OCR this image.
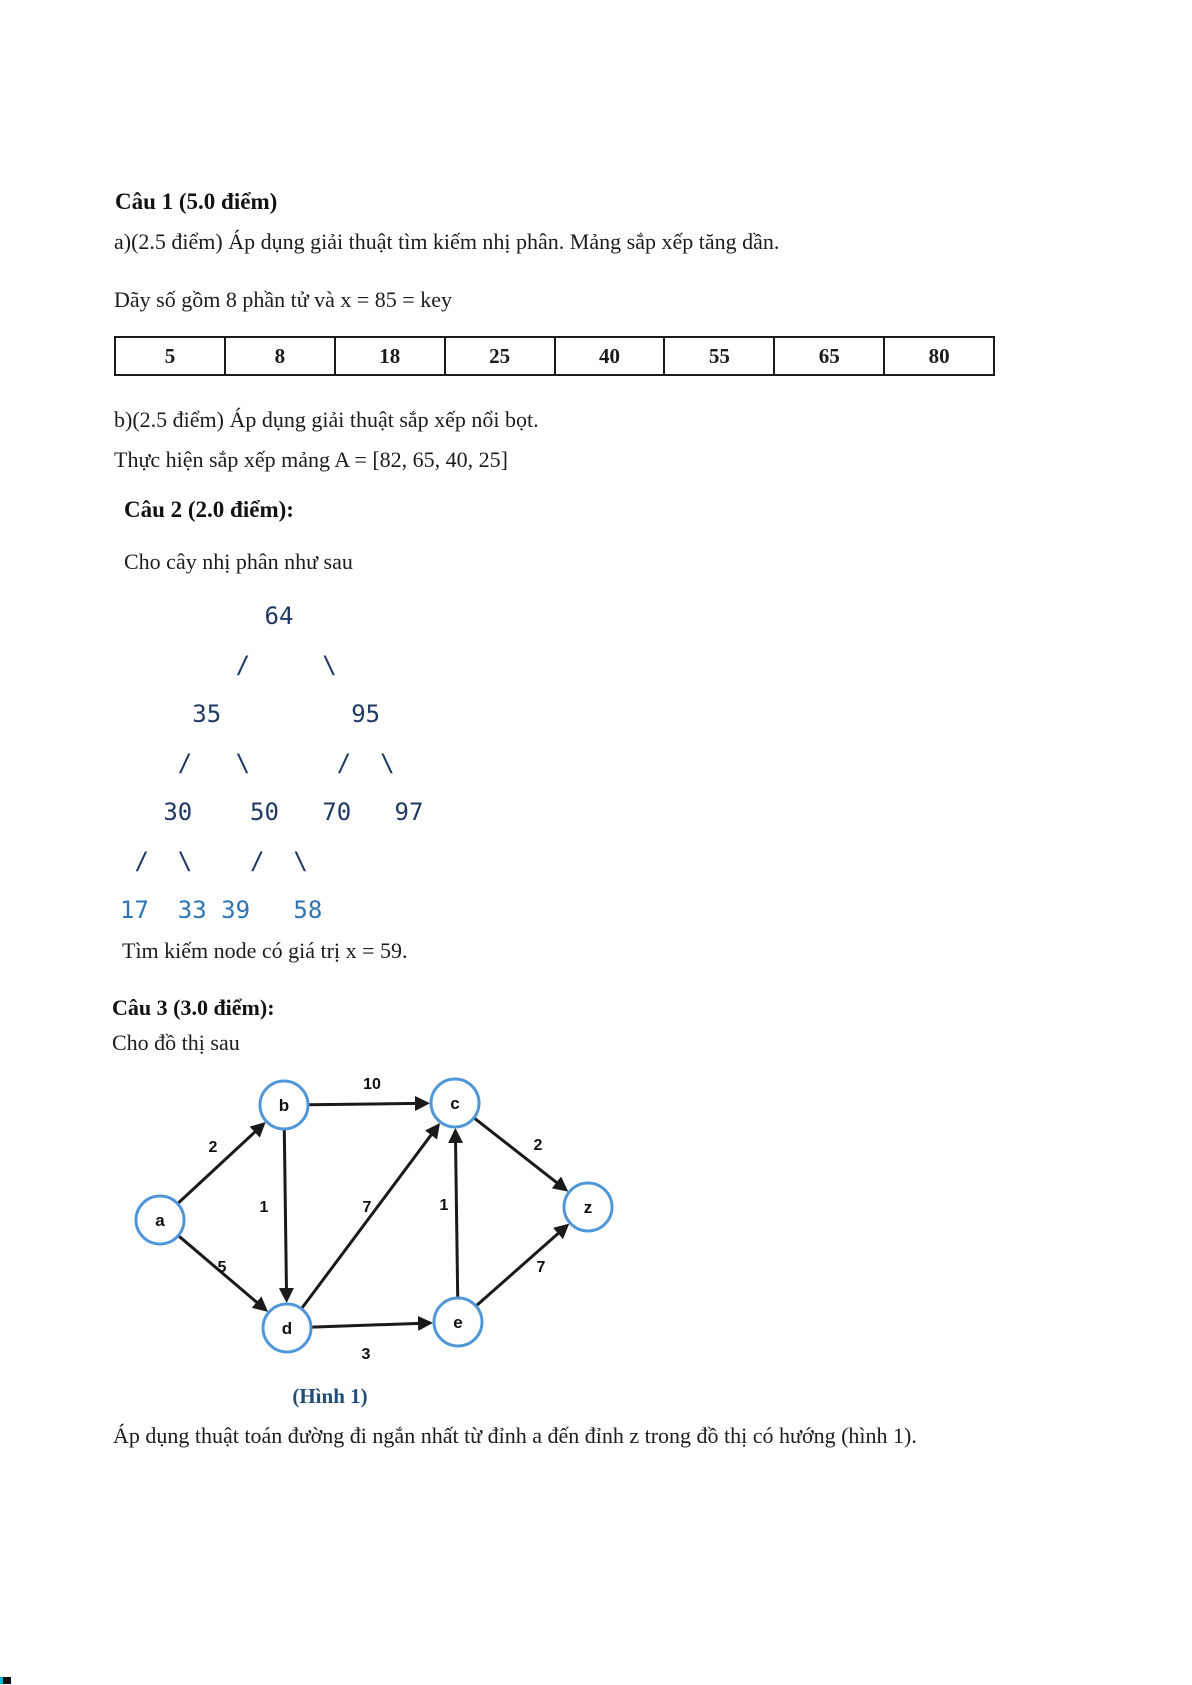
Câu 1 (5.0 điểm)
a)(2.5 điểm) Áp dụng giải thuật tìm kiếm nhị phân. Mảng sắp xếp tăng dần.
Dãy số gồm 8 phần tử và x = 85 = key
5	8	18	25	40	55	65	80
b)(2.5 điểm) Áp dụng giải thuật sắp xếp nổi bọt.
Thực hiện sắp xếp mảng A = [82, 65, 40, 25]
Câu 2 (2.0 điểm):
Cho cây nhị phân như sau
64
/     \
35         95
/   \      /  \
30    50   70   97
/  \    /  \
17  33 39   58
Tìm kiếm node có giá trị x = 59.
Câu 3 (3.0 điểm):
Cho đồ thị sau
2
10
5
1	7	1
2
3
7
a
b	c
z
d	e
(Hình 1)
Áp dụng thuật toán đường đi ngắn nhất từ đỉnh a đến đỉnh z trong đồ thị có hướng (hình 1).
